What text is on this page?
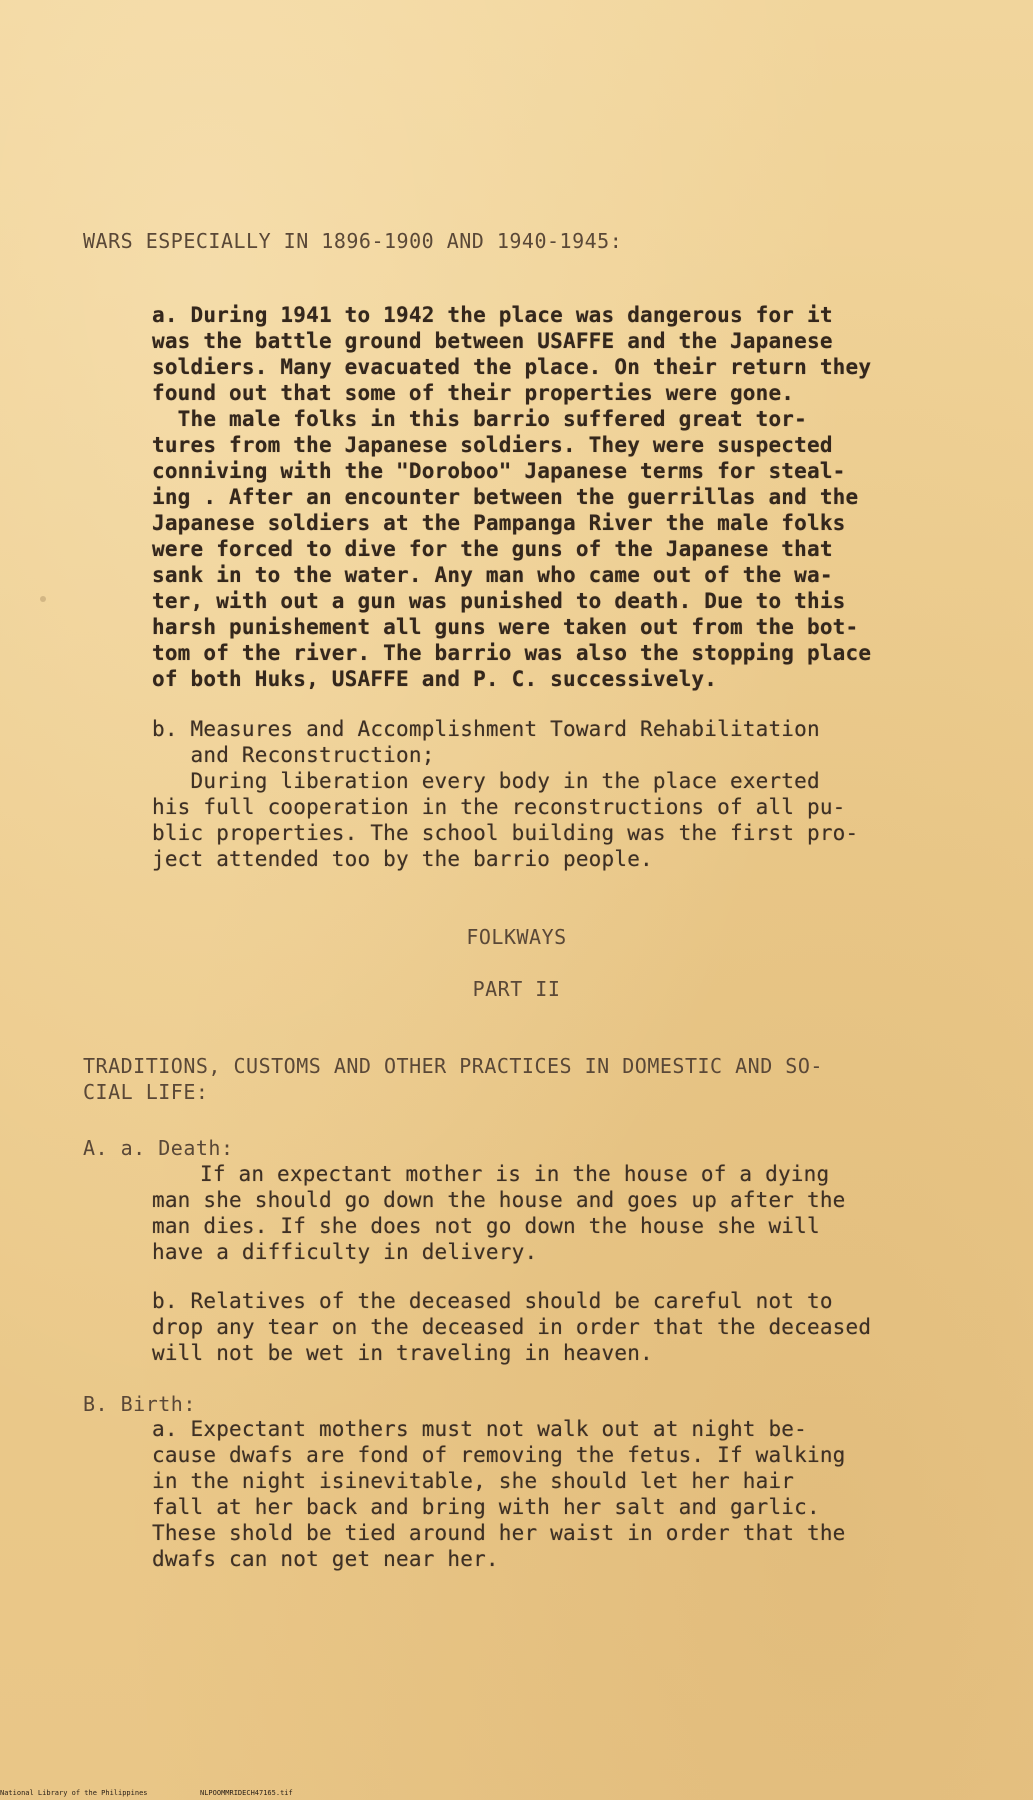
WARS ESPECIALLY IN 1896-1900 AND 1940-1945:

a. During 1941 to 1942 the place was dangerous for it
was the battle ground between USAFFE and the Japanese
soldiers. Many evacuated the place. On their return they
found out that some of their properties were gone.
The male folks in this barrio suffered great tor-
tures from the Japanese soldiers. They were suspected
conniving with the "Doroboo" Japanese terms for steal-
ing . After an encounter between the guerrillas and the
Japanese soldiers at the Pampanga River the male folks
were forced to dive for the guns of the Japanese that
sank in to the water. Any man who came out of the wa-
ter, with out a gun was punished to death. Due to this
harsh punishement all guns were taken out from the bot-
tom of the river. The barrio was also the stopping place
of both Huks, USAFFE and P. C. successively.

b. Measures and Accomplishment Toward Rehabilitation
and Reconstruction;
During liberation every body in the place exerted
his full cooperation in the reconstructions of all pu-
blic properties. The school building was the first pro-
ject attended too by the barrio people.

FOLKWAYS

PART II

TRADITIONS, CUSTOMS AND OTHER PRACTICES IN DOMESTIC AND SO-
CIAL LIFE:

A. a. Death:

If an expectant mother is in the house of a dying
man she should go down the house and goes up after the
man dies. If she does not go down the house she will
have a difficulty in delivery.

b. Relatives of the deceased should be careful not to
drop any tear on the deceased in order that the deceased
will not be wet in traveling in heaven.

B. Birth:

a. Expectant mothers must not walk out at night be-
cause dwafs are fond of removing the fetus. If walking
in the night isinevitable, she should let her hair
fall at her back and bring with her salt and garlic.
These shold be tied around her waist in order that the
dwafs can not get near her.

National Library of the Philippines

	NLPOOMMRIDECH47165.tif
